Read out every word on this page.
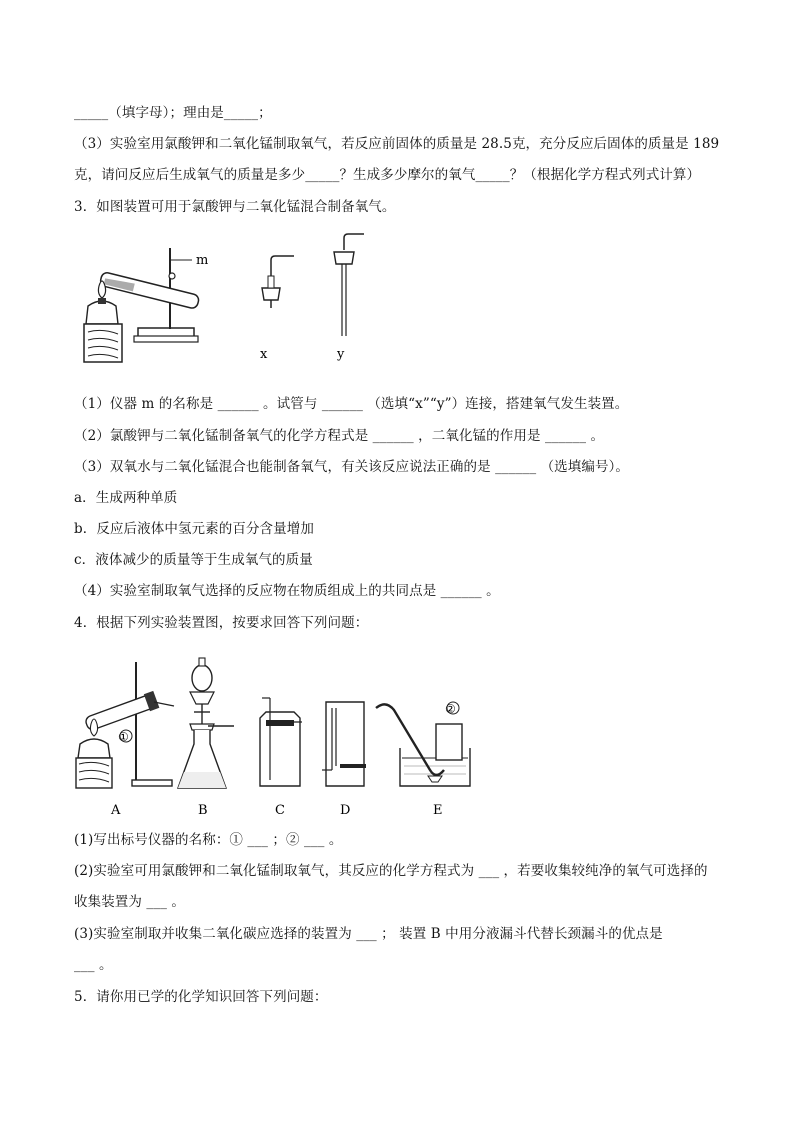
_____（填字母）；理由是_____；
（3）实验室用氯酸钾和二氧化锰制取氧气，若反应前固体的质量是 28.5克，充分反应后固体的质量是 189
克，请问反应后生成氧气的质量是多少_____？生成多少摩尔的氧气_____？（根据化学方程式列式计算）
3．如图装置可用于氯酸钾与二氧化锰混合制备氧气。
m
x	y
（1）仪器 m 的名称是 ______ 。试管与 ______ （选填“x”“y”）连接，搭建氧气发生装置。
（2）氯酸钾与二氧化锰制备氧气的化学方程式是 ______ ，二氧化锰的作用是 ______ 。
（3）双氧水与二氧化锰混合也能制备氧气，有关该反应说法正确的是 ______ （选填编号）。
a．生成两种单质
b．反应后液体中氢元素的百分含量增加
c．液体减少的质量等于生成氧气的质量
（4）实验室制取氧气选择的反应物在物质组成上的共同点是 ______ 。
4．根据下列实验装置图，按要求回答下列问题：
①
A	B	C	D
②
E
(1)写出标号仪器的名称：① ___ ；② ___ 。
(2)实验室可用氯酸钾和二氧化锰制取氧气，其反应的化学方程式为 ___ ，若要收集较纯净的氧气可选择的
收集装置为 ___ 。
(3)实验室制取并收集二氧化碳应选择的装置为 ___ ； 装置 B 中用分液漏斗代替长颈漏斗的优点是
___ 。
5．请你用已学的化学知识回答下列问题：
